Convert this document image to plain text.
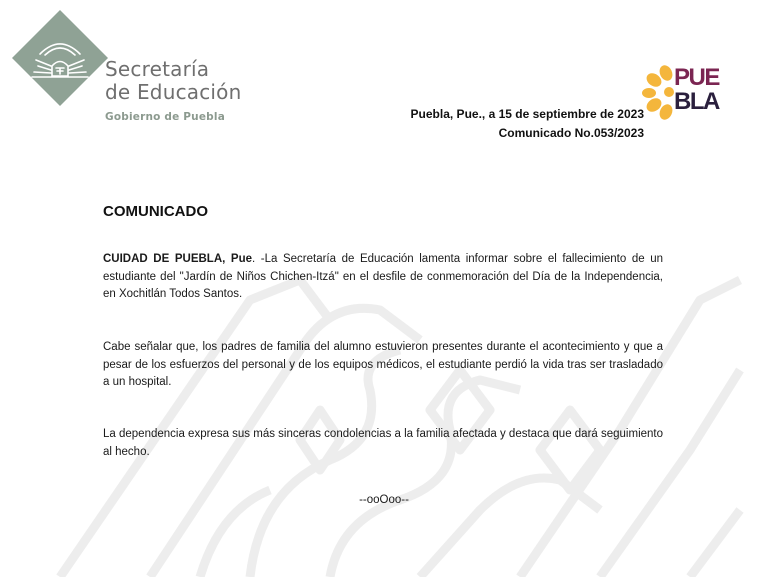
Secretaría
de Educación
Gobierno de Puebla
PUE
BLA
Puebla, Pue., a 15 de septiembre de 2023
Comunicado No.053/2023
COMUNICADO

CUIDAD DE PUEBLA, Pue. -La Secretaría de Educación lamenta informar sobre el fallecimiento de un estudiante del "Jardín de Niños Chichen-Itzá" en el desfile de conmemoración del Día de la Independencia, en Xochitlán Todos Santos.

Cabe señalar que, los padres de familia del alumno estuvieron presentes durante el acontecimiento y que a pesar de los esfuerzos del personal y de los equipos médicos, el estudiante perdió la vida tras ser trasladado a un hospital.

La dependencia expresa sus más sinceras condolencias a la familia afectada y destaca que dará seguimiento al hecho.

--ooOoo--
